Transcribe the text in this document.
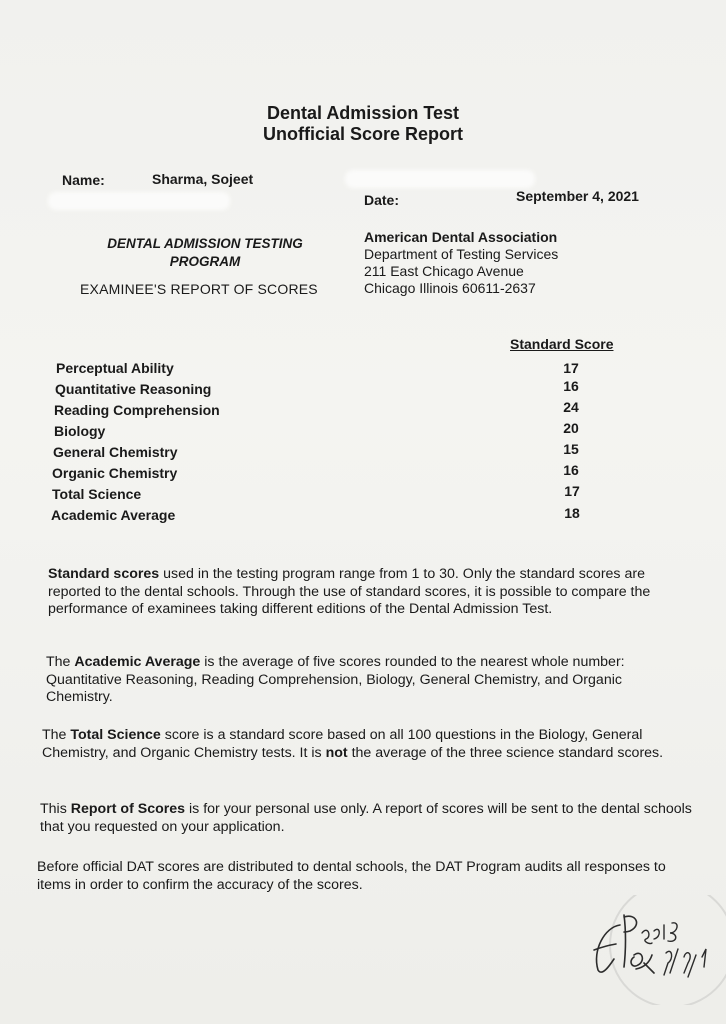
Dental Admission Test
Unofficial Score Report
Name:	Sharma, Sojeet
Date:	September 4, 2021
DENTAL ADMISSION TESTING
PROGRAM
EXAMINEE'S REPORT OF SCORES
American Dental Association
Department of Testing Services
211 East Chicago Avenue
Chicago Illinois 60611-2637
Standard Score
Perceptual Ability	17
Quantitative Reasoning	16
Reading Comprehension	24
Biology	20
General Chemistry	15
Organic Chemistry	16
Total Science	17
Academic Average	18
Standard scores used in the testing program range from 1 to 30. Only the standard scores are reported to the dental schools. Through the use of standard scores, it is possible to compare the performance of examinees taking different editions of the Dental Admission Test.
The Academic Average is the average of five scores rounded to the nearest whole number: Quantitative Reasoning, Reading Comprehension, Biology, General Chemistry, and Organic Chemistry.
The Total Science score is a standard score based on all 100 questions in the Biology, General Chemistry, and Organic Chemistry tests. It is not the average of the three science standard scores.
This Report of Scores is for your personal use only. A report of scores will be sent to the dental schools that you requested on your application.
Before official DAT scores are distributed to dental schools, the DAT Program audits all responses to items in order to confirm the accuracy of the scores.
